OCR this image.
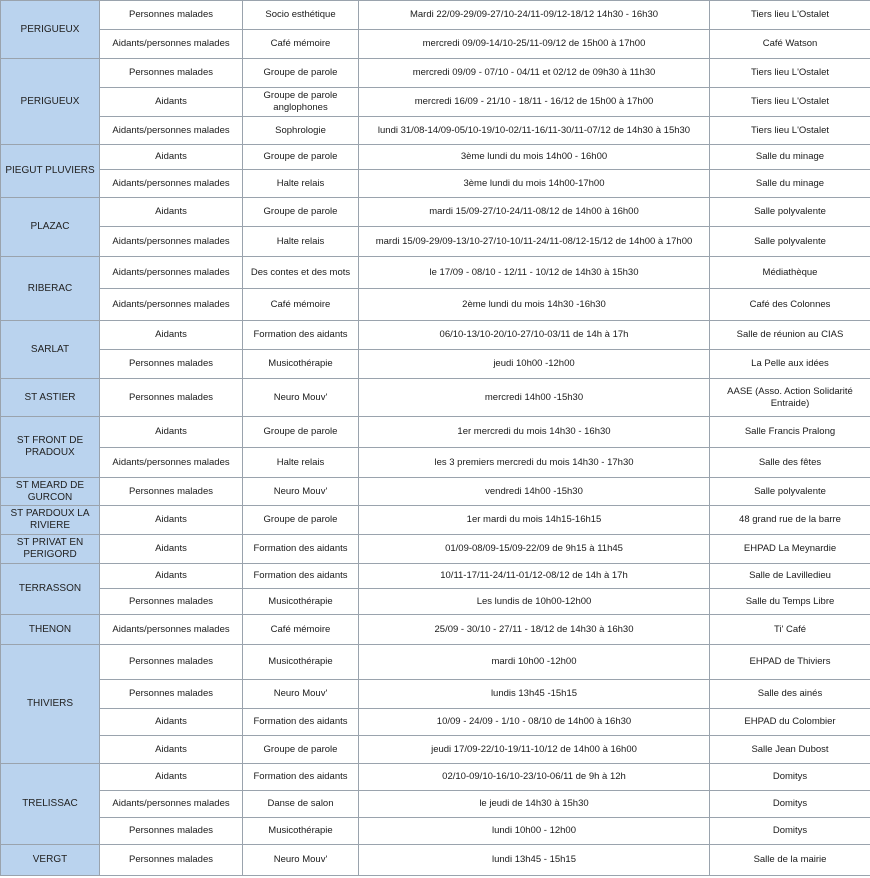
PERIGUEUX	Personnes malades	Socio esthétique	Mardi 22/09-29/09-27/10-24/11-09/12-18/12 14h30 - 16h30	Tiers lieu L'Ostalet
	Aidants/personnes malades	Café mémoire	mercredi 09/09-14/10-25/11-09/12 de 15h00 à 17h00	Café Watson
PERIGUEUX	Personnes malades	Groupe de parole	mercredi 09/09 - 07/10 - 04/11 et 02/12 de 09h30 à 11h30	Tiers lieu L'Ostalet
	Aidants	Groupe de parole anglophones	mercredi 16/09 - 21/10 - 18/11 - 16/12 de 15h00 à 17h00	Tiers lieu L'Ostalet
	Aidants/personnes malades	Sophrologie	lundi 31/08-14/09-05/10-19/10-02/11-16/11-30/11-07/12 de 14h30 à 15h30	Tiers lieu L'Ostalet
PIEGUT PLUVIERS	Aidants	Groupe de parole	3ème lundi du mois 14h00 - 16h00	Salle du minage
	Aidants/personnes malades	Halte relais	3ème lundi du mois 14h00-17h00	Salle du minage
PLAZAC	Aidants	Groupe de parole	mardi 15/09-27/10-24/11-08/12 de 14h00 à 16h00	Salle polyvalente
	Aidants/personnes malades	Halte relais	mardi 15/09-29/09-13/10-27/10-10/11-24/11-08/12-15/12 de 14h00 à 17h00	Salle polyvalente
RIBERAC	Aidants/personnes malades	Des contes et des mots	le 17/09 - 08/10 - 12/11 - 10/12 de 14h30 à 15h30	Médiathèque
	Aidants/personnes malades	Café mémoire	2ème lundi du mois 14h30 -16h30	Café des Colonnes
SARLAT	Aidants	Formation des aidants	06/10-13/10-20/10-27/10-03/11 de 14h à 17h	Salle de réunion au CIAS
	Personnes malades	Musicothérapie	jeudi 10h00 -12h00	La Pelle aux idées
ST ASTIER	Personnes malades	Neuro Mouv'	mercredi 14h00 -15h30	AASE (Asso. Action Solidarité Entraide)
ST FRONT DE PRADOUX	Aidants	Groupe de parole	1er mercredi du mois 14h30 - 16h30	Salle Francis Pralong
	Aidants/personnes malades	Halte relais	les 3 premiers mercredi du mois 14h30 - 17h30	Salle des fêtes
ST MEARD DE GURCON	Personnes malades	Neuro Mouv'	vendredi 14h00 -15h30	Salle polyvalente
ST PARDOUX LA RIVIERE	Aidants	Groupe de parole	1er mardi du mois 14h15-16h15	48 grand rue de la barre
ST PRIVAT EN PERIGORD	Aidants	Formation des aidants	01/09-08/09-15/09-22/09 de 9h15 à 11h45	EHPAD La Meynardie
TERRASSON	Aidants	Formation des aidants	10/11-17/11-24/11-01/12-08/12 de 14h à 17h	Salle de Lavilledieu
	Personnes malades	Musicothérapie	Les lundis de 10h00-12h00	Salle du Temps Libre
THENON	Aidants/personnes malades	Café mémoire	25/09 - 30/10 - 27/11 - 18/12 de 14h30 à 16h30	Ti' Café
THIVIERS	Personnes malades	Musicothérapie	mardi 10h00 -12h00	EHPAD de Thiviers
	Personnes malades	Neuro Mouv'	lundis 13h45 -15h15	Salle des ainés
	Aidants	Formation des aidants	10/09 - 24/09 - 1/10 - 08/10 de 14h00 à 16h30	EHPAD du Colombier
	Aidants	Groupe de parole	jeudi 17/09-22/10-19/11-10/12 de 14h00 à 16h00	Salle Jean Dubost
TRELISSAC	Aidants	Formation des aidants	02/10-09/10-16/10-23/10-06/11 de 9h à 12h	Domitys
	Aidants/personnes malades	Danse de salon	le jeudi de 14h30 à 15h30	Domitys
	Personnes malades	Musicothérapie	lundi 10h00 - 12h00	Domitys
VERGT	Personnes malades	Neuro Mouv'	lundi 13h45 - 15h15	Salle de la mairie
